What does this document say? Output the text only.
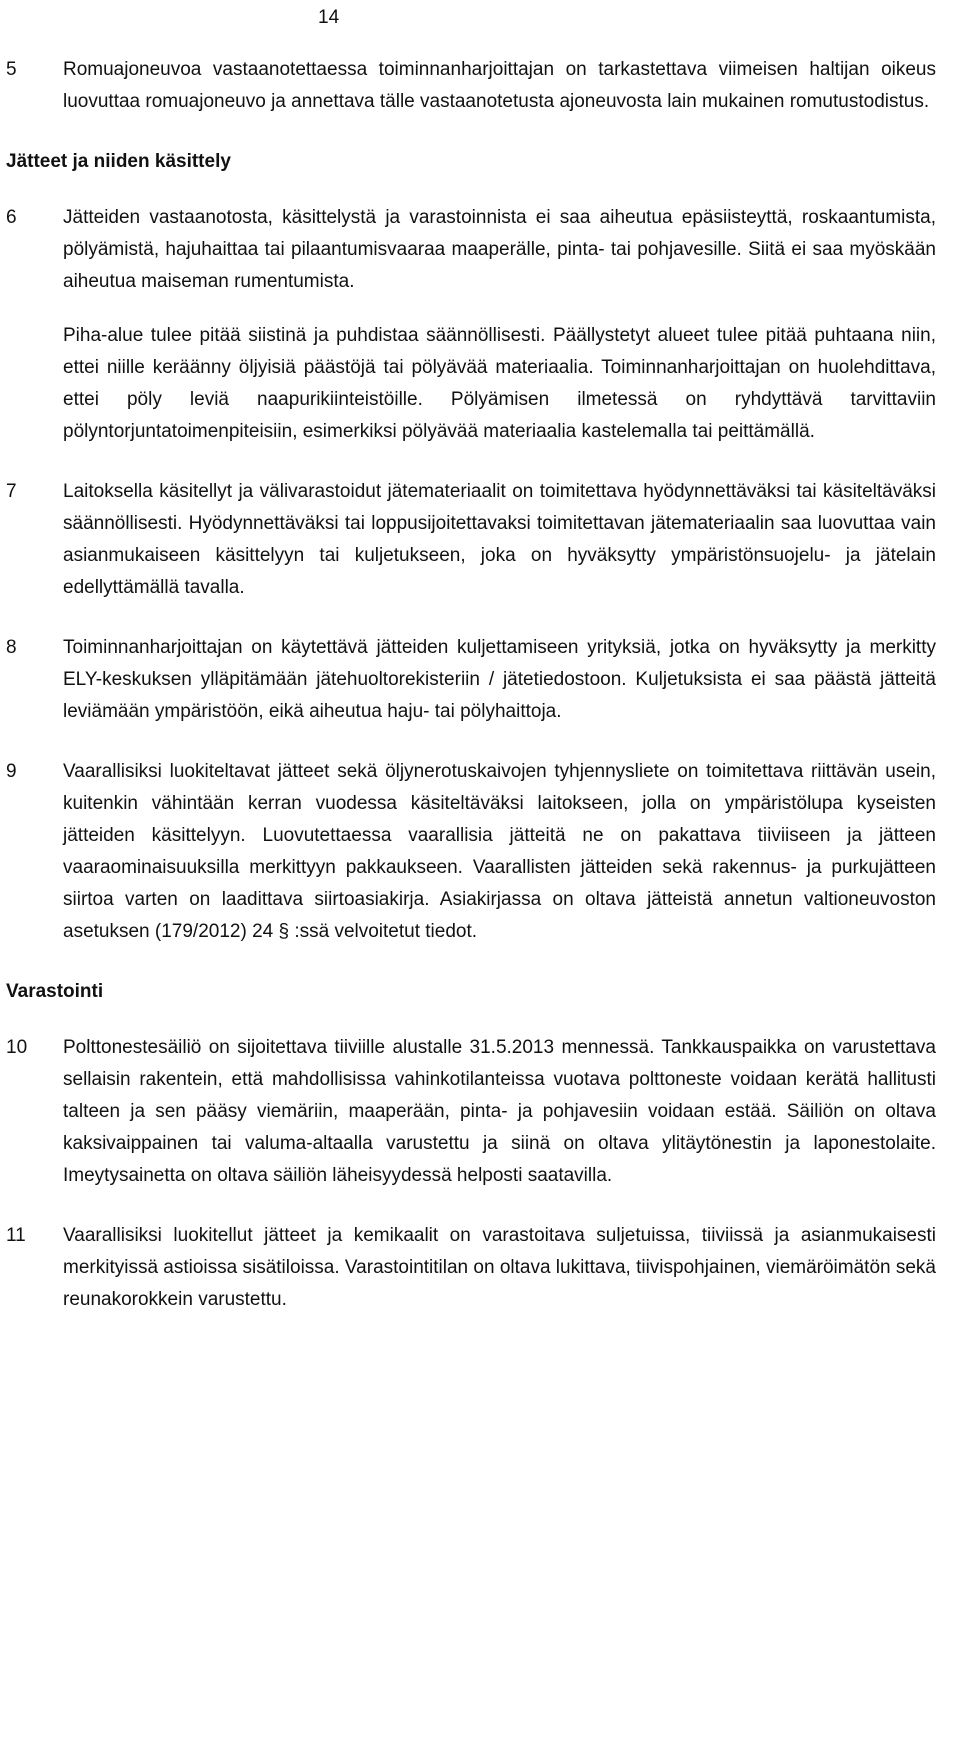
14
5	Romuajoneuvoa vastaanotettaessa toiminnanharjoittajan on tarkastettava viimeisen haltijan oikeus luovuttaa romuajoneuvo ja annettava tälle vastaanotetusta ajoneuvosta lain mukainen romutustodistus.

Jätteet ja niiden käsittely
6	Jätteiden vastaanotosta, käsittelystä ja varastoinnista ei saa aiheutua epäsiisteyttä, roskaantumista, pölyämistä, hajuhaittaa tai pilaantumisvaaraa maaperälle, pinta- tai pohjavesille. Siitä ei saa myöskään aiheutua maiseman rumentumista.

Piha-alue tulee pitää siistinä ja puhdistaa säännöllisesti. Päällystetyt alueet tulee pitää puhtaana niin, ettei niille keräänny öljyisiä päästöjä tai pölyävää materiaalia. Toiminnanharjoittajan on huolehdittava, ettei pöly leviä naapurikiinteistöille. Pölyämisen ilmetessä on ryhdyttävä tarvittaviin pölyntorjuntatoimenpiteisiin, esimerkiksi pölyävää materiaalia kastelemalla tai peittämällä.

7	Laitoksella käsitellyt ja välivarastoidut jätemateriaalit on toimitettava hyödynnettäväksi tai käsiteltäväksi säännöllisesti. Hyödynnettäväksi tai loppusijoitettavaksi toimitettavan jätemateriaalin saa luovuttaa vain asianmukaiseen käsittelyyn tai kuljetukseen, joka on hyväksytty ympäristönsuojelu- ja jätelain edellyttämällä tavalla.

8	Toiminnanharjoittajan on käytettävä jätteiden kuljettamiseen yrityksiä, jotka on hyväksytty ja merkitty ELY-keskuksen ylläpitämään jätehuoltorekisteriin / jätetiedostoon. Kuljetuksista ei saa päästä jätteitä leviämään ympäristöön, eikä aiheutua haju- tai pölyhaittoja.

9	Vaarallisiksi luokiteltavat jätteet sekä öljynerotuskaivojen tyhjennysliete on toimitettava riittävän usein, kuitenkin vähintään kerran vuodessa käsiteltäväksi laitokseen, jolla on ympäristölupa kyseisten jätteiden käsittelyyn. Luovutettaessa vaarallisia jätteitä ne on pakattava tiiviiseen ja jätteen vaaraominaisuuksilla merkittyyn pakkaukseen. Vaarallisten jätteiden sekä rakennus- ja purkujätteen siirtoa varten on laadittava siirtoasiakirja. Asiakirjassa on oltava jätteistä annetun valtioneuvoston asetuksen (179/2012) 24 § :ssä velvoitetut tiedot.

Varastointi
10	Polttonestesäiliö on sijoitettava tiiviille alustalle 31.5.2013 mennessä. Tankkauspaikka on varustettava sellaisin rakentein, että mahdollisissa vahinkotilanteissa vuotava polttoneste voidaan kerätä hallitusti talteen ja sen pääsy viemäriin, maaperään, pinta- ja pohjavesiin voidaan estää. Säiliön on oltava kaksivaippainen tai valuma-altaalla varustettu ja siinä on oltava ylitäytönestin ja laponestolaite. Imeytysainetta on oltava säiliön läheisyydessä helposti saatavilla.

11	Vaarallisiksi luokitellut jätteet ja kemikaalit on varastoitava suljetuissa, tiiviissä ja asianmukaisesti merkityissä astioissa sisätiloissa. Varastointitilan on oltava lukittava, tiivispohjainen, viemäröimätön sekä reunakorokkein varustettu.
